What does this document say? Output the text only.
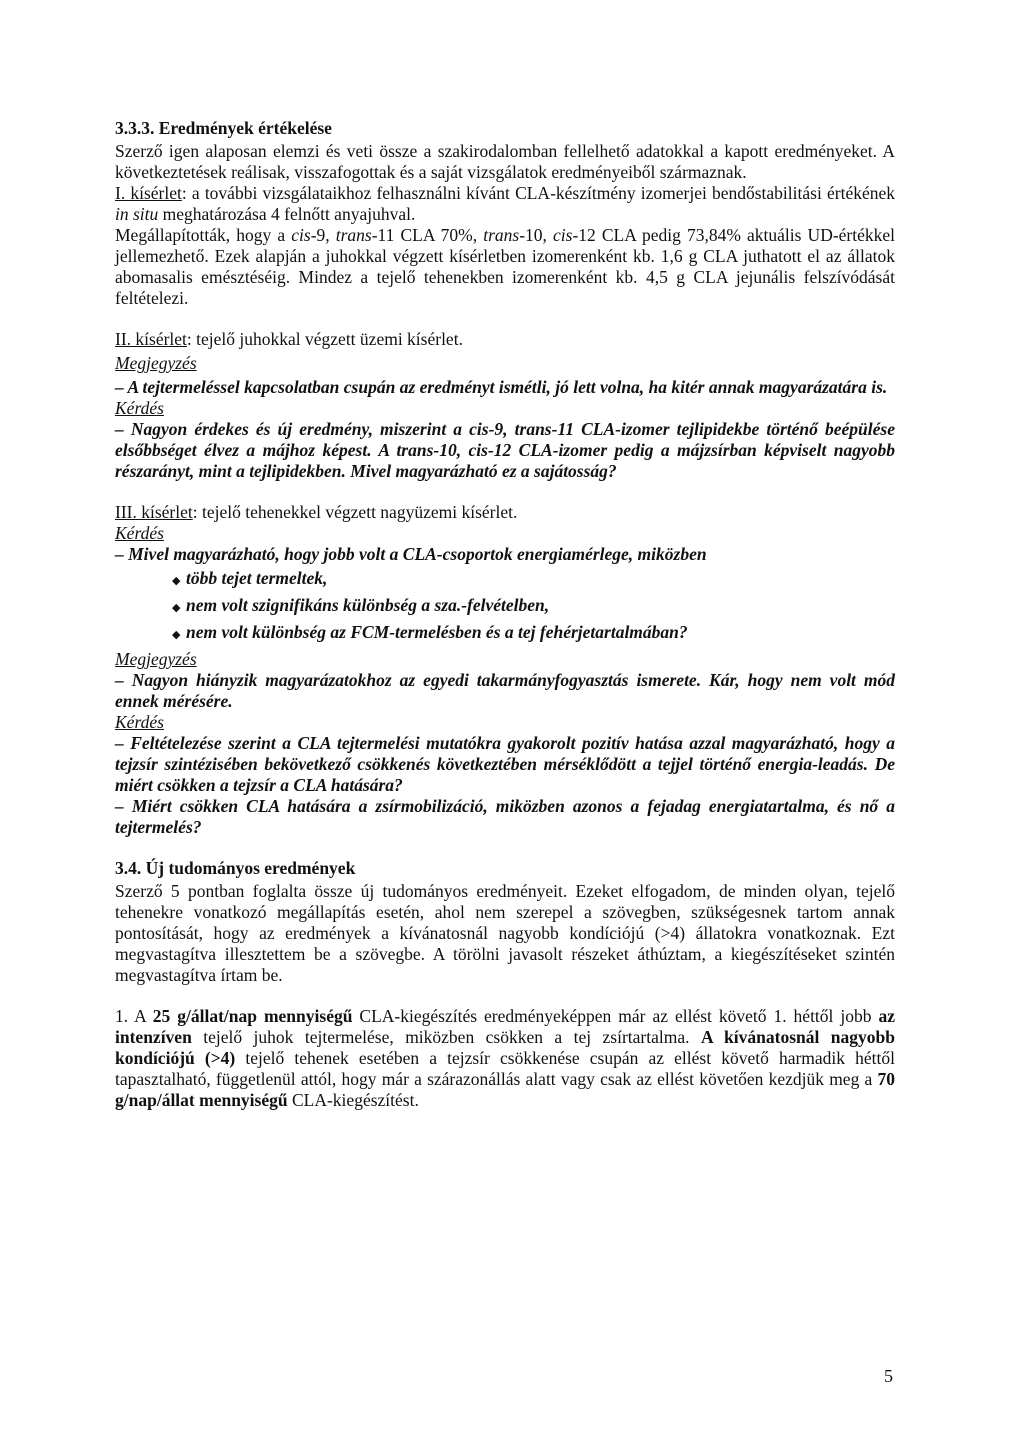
3.3.3. Eredmények értékelése

Szerző igen alaposan elemzi és veti össze a szakirodalomban fellelhető adatokkal a kapott eredményeket. A következtetések reálisak, visszafogottak és a saját vizsgálatok eredményeiből származnak.

I. kísérlet: a további vizsgálataikhoz felhasználni kívánt CLA-készítmény izomerjei bendőstabilitási értékének in situ meghatározása 4 felnőtt anyajuhval.

Megállapították, hogy a cis-9, trans-11 CLA 70%, trans-10, cis-12 CLA pedig 73,84% aktuális UD-értékkel jellemezhető. Ezek alapján a juhokkal végzett kísérletben izomerenként kb. 1,6 g CLA juthatott el az állatok abomasalis emésztéséig. Mindez a tejelő tehenekben izomerenként kb. 4,5 g CLA jejunális felszívódását feltételezi.

II. kísérlet: tejelő juhokkal végzett üzemi kísérlet.

Megjegyzés

– A tejtermeléssel kapcsolatban csupán az eredményt ismétli, jó lett volna, ha kitér annak magyarázatára is.

Kérdés

– Nagyon érdekes és új eredmény, miszerint a cis-9, trans-11 CLA-izomer tejlipidekbe történő beépülése elsőbbséget élvez a májhoz képest. A trans-10, cis-12 CLA-izomer pedig a májzsírban képviselt nagyobb részarányt, mint a tejlipidekben. Mivel magyarázható ez a sajátosság?

III. kísérlet: tejelő tehenekkel végzett nagyüzemi kísérlet.

Kérdés

– Mivel magyarázható, hogy jobb volt a CLA-csoportok energiamérlege, miközben

◆ több tejet termeltek,
◆ nem volt szignifikáns különbség a sza.-felvételben,
◆ nem volt különbség az FCM-termelésben és a tej fehérjetartalmában?

Megjegyzés

– Nagyon hiányzik magyarázatokhoz az egyedi takarmányfogyasztás ismerete. Kár, hogy nem volt mód ennek mérésére.

Kérdés

– Feltételezése szerint a CLA tejtermelési mutatókra gyakorolt pozitív hatása azzal magyarázható, hogy a tejzsír szintézisében bekövetkező csökkenés következtében mérséklődött a tejjel történő energia-leadás. De miért csökken a tejzsír a CLA hatására?

– Miért csökken CLA hatására a zsírmobilizáció, miközben azonos a fejadag energiatartalma, és nő a tejtermelés?

3.4. Új tudományos eredmények

Szerző 5 pontban foglalta össze új tudományos eredményeit. Ezeket elfogadom, de minden olyan, tejelő tehenekre vonatkozó megállapítás esetén, ahol nem szerepel a szövegben, szükségesnek tartom annak pontosítását, hogy az eredmények a kívánatosnál nagyobb kondíciójú (>4) állatokra vonatkoznak. Ezt megvastagítva illesztettem be a szövegbe. A törölni javasolt részeket áthúztam, a kiegészítéseket szintén megvastagítva írtam be.

1. A 25 g/állat/nap mennyiségű CLA-kiegészítés eredményeképpen már az ellést követő 1. héttől jobb az intenzíven tejelő juhok tejtermelése, miközben csökken a tej zsírtartalma. A kívánatosnál nagyobb kondíciójú (>4) tejelő tehenek esetében a tejzsír csökkenése csupán az ellést követő harmadik héttől tapasztalható, függetlenül attól, hogy már a szárazonállás alatt vagy csak az ellést követően kezdjük meg a 70 g/nap/állat mennyiségű CLA-kiegészítést.

5
